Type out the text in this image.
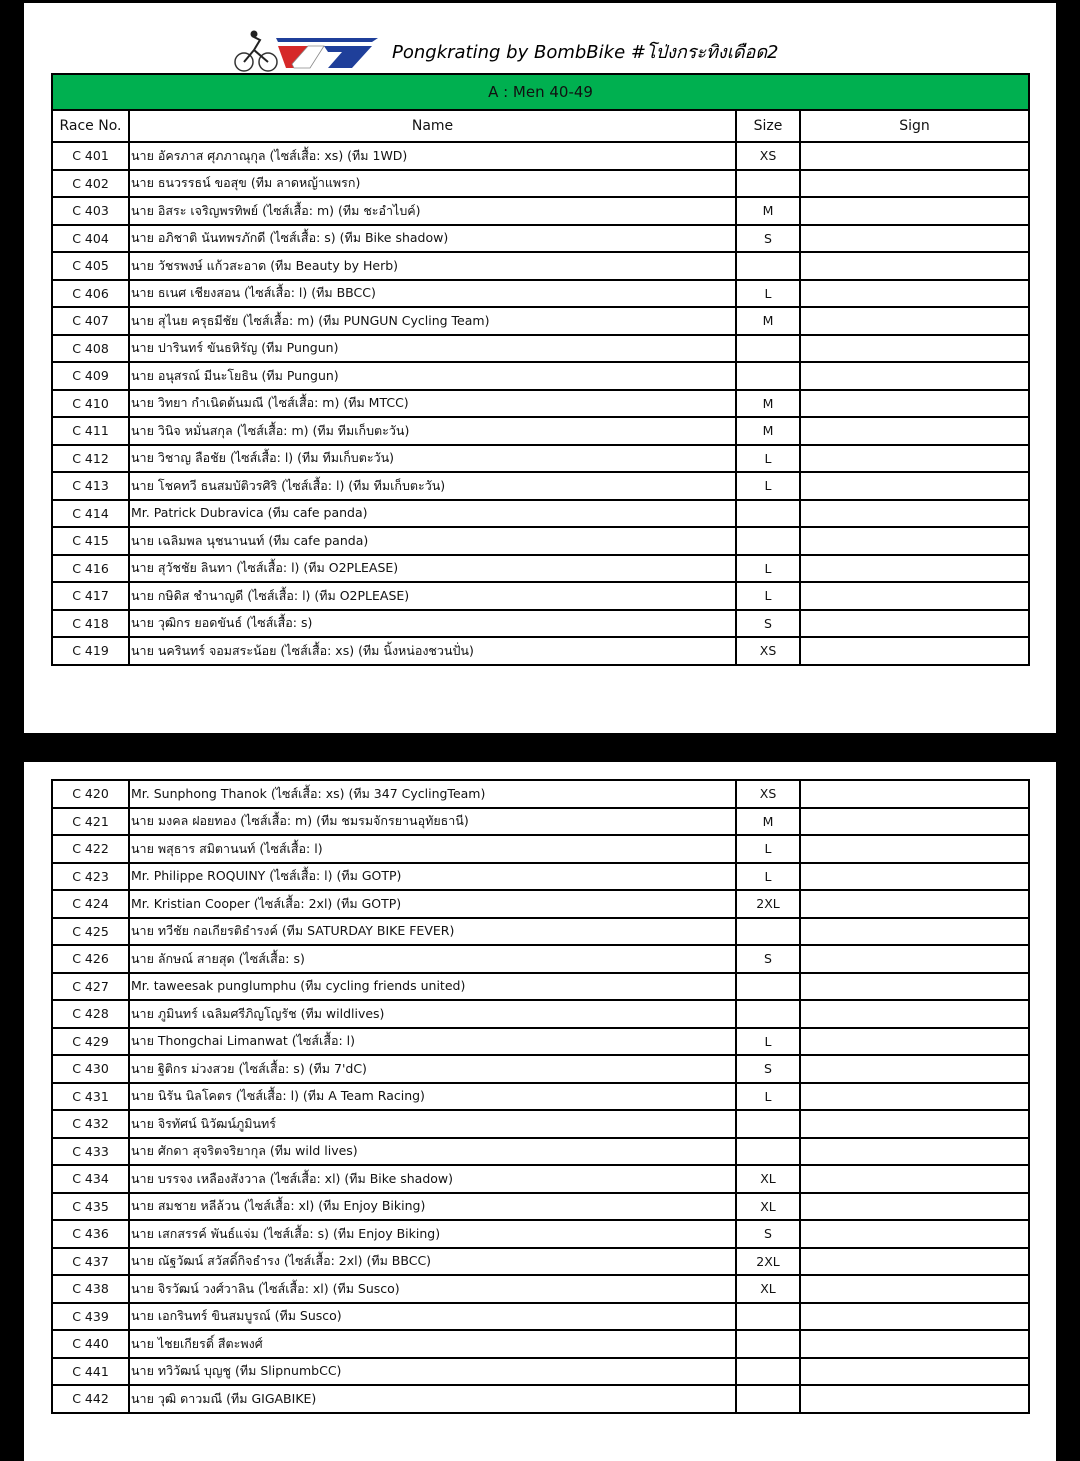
Pongkrating by BombBike #โป่งกระทิงเดือด2
A : Men 40-49			
Race No.	Name	Size	Sign
C 401	นาย อัครภาส ศุภภาณุกุล (ไซส์เสื้อ: xs) (ทีม 1WD)	XS	
C 402	นาย ธนวรรธน์ ขอสุข (ทีม ลาดหญ้าแพรก)		
C 403	นาย อิสระ เจริญพรทิพย์ (ไซส์เสื้อ: m) (ทีม ชะอำไบค์)	M	
C 404	นาย อภิชาติ นันทพรภักดี (ไซส์เสื้อ: s) (ทีม Bike shadow)	S	
C 405	นาย วัชรพงษ์ แก้วสะอาด (ทีม Beauty by Herb)		
C 406	นาย ธเนศ เชียงสอน (ไซส์เสื้อ: l) (ทีม BBCC)	L	
C 407	นาย สุไนย ครุธมีชัย (ไซส์เสื้อ: m) (ทีม PUNGUN Cycling Team)	M	
C 408	นาย ปารินทร์ ขันธหิรัญ (ทีม Pungun)		
C 409	นาย อนุสรณ์ มีนะโยธิน (ทีม Pungun)		
C 410	นาย วิทยา กำเนิดต้นมณี (ไซส์เสื้อ: m) (ทีม MTCC)	M	
C 411	นาย วินิจ หมั่นสกุล (ไซส์เสื้อ: m) (ทีม ทีมเก็บตะวัน)	M	
C 412	นาย วิชาญ ลือชัย (ไซส์เสื้อ: l) (ทีม ทีมเก็บตะวัน)	L	
C 413	นาย โชคทวี ธนสมบัติวรศิริ (ไซส์เสื้อ: l) (ทีม ทีมเก็บตะวัน)	L	
C 414	Mr. Patrick Dubravica (ทีม cafe panda)		
C 415	นาย เฉลิมพล นุชนานนท์ (ทีม cafe panda)		
C 416	นาย สุวัชชัย ลินทา (ไซส์เสื้อ: l) (ทีม O2PLEASE)	L	
C 417	นาย กษิดิส ชำนาญดี (ไซส์เสื้อ: l) (ทีม O2PLEASE)	L	
C 418	นาย วุฒิกร ยอดขันธ์ (ไซส์เสื้อ: s)	S	
C 419	นาย นครินทร์ จอมสระน้อย (ไซส์เสื้อ: xs) (ทีม นิ้งหน่องชวนปั่น)	XS	
C 420	Mr. Sunphong Thanok (ไซส์เสื้อ: xs) (ทีม 347 CyclingTeam)	XS	
C 421	นาย มงคล ฝอยทอง (ไซส์เสื้อ: m) (ทีม ชมรมจักรยานอุทัยธานี)	M	
C 422	นาย พสุธาร สมิตานนท์ (ไซส์เสื้อ: l)	L	
C 423	Mr. Philippe ROQUINY (ไซส์เสื้อ: l) (ทีม GOTP)	L	
C 424	Mr. Kristian Cooper (ไซส์เสื้อ: 2xl) (ทีม GOTP)	2XL	
C 425	นาย ทวีชัย กอเกียรติธำรงค์ (ทีม SATURDAY BIKE FEVER)		
C 426	นาย ลักษณ์ สายสุด (ไซส์เสื้อ: s)	S	
C 427	Mr. taweesak punglumphu (ทีม cycling friends united)		
C 428	นาย ภูมินทร์ เฉลิมศรีภิญโญรัช (ทีม wildlives)		
C 429	นาย Thongchai Limanwat (ไซส์เสื้อ: l)	L	
C 430	นาย ฐิติกร ม่วงสวย (ไซส์เสื้อ: s) (ทีม 7'dC)	S	
C 431	นาย นิรัน นิลโคตร (ไซส์เสื้อ: l) (ทีม A Team Racing)	L	
C 432	นาย จิรทัศน์ นิวัฒน์ภูมินทร์		
C 433	นาย ศักดา สุจริตจริยากุล (ทีม wild lives)		
C 434	นาย บรรจง เหลืองสังวาล (ไซส์เสื้อ: xl) (ทีม Bike shadow)	XL	
C 435	นาย สมชาย หลีล้วน (ไซส์เสื้อ: xl) (ทีม Enjoy Biking)	XL	
C 436	นาย เสกสรรค์ พันธ์แจ่ม (ไซส์เสื้อ: s) (ทีม Enjoy Biking)	S	
C 437	นาย ณัฐวัฒน์ สวัสดิ์กิจธำรง (ไซส์เสื้อ: 2xl) (ทีม BBCC)	2XL	
C 438	นาย จิรวัฒน์ วงศ์วาลิน (ไซส์เสื้อ: xl) (ทีม Susco)	XL	
C 439	นาย เอกรินทร์ ขินสมบูรณ์ (ทีม Susco)		
C 440	นาย ไชยเกียรติ์ สีตะพงศ์		
C 441	นาย ทวิวัฒน์ บุญชู (ทีม SlipnumbCC)		
C 442	นาย วุฒิ ดาวมณี (ทีม GIGABIKE)		
